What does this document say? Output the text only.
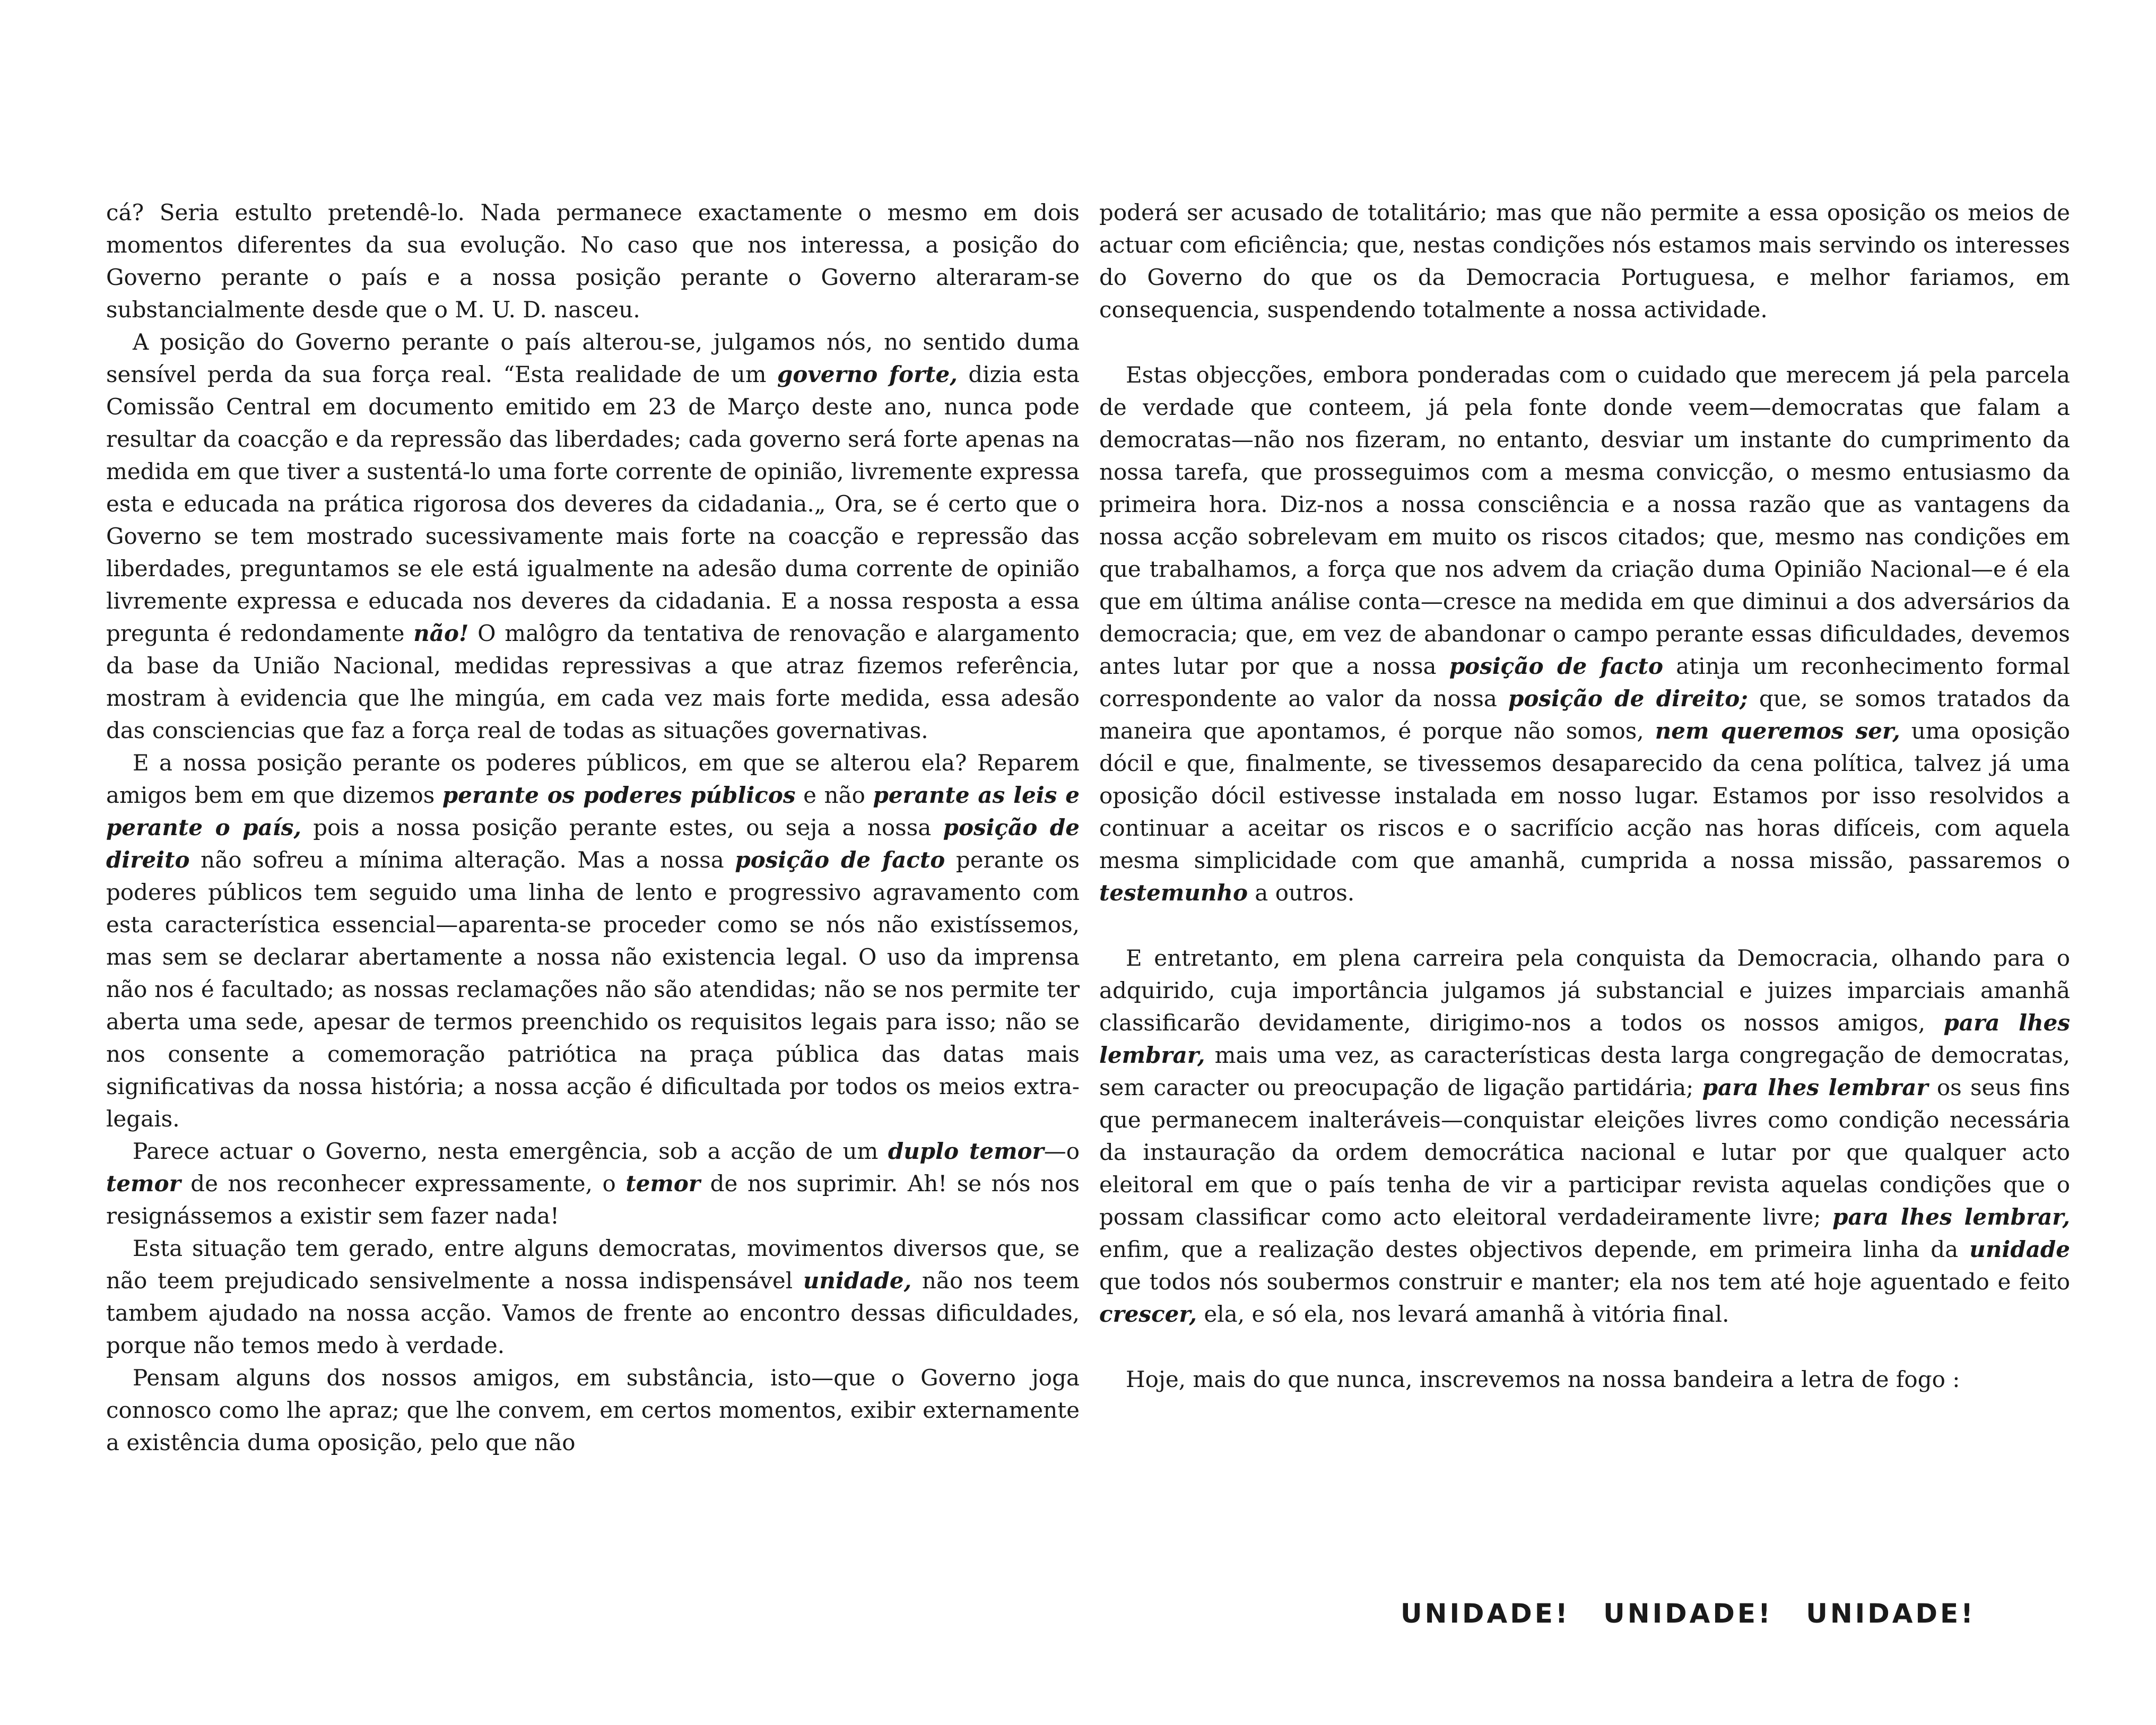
cá? Seria estulto pretendê-lo. Nada permanece exactamente o mesmo em dois momentos diferentes da sua evolução. No caso que nos interessa, a posição do Governo perante o país e a nossa posição perante o Governo alteraram-se substancialmente desde que o M. U. D. nasceu.

A posição do Governo perante o país alterou-se, julgamos nós, no sentido duma sensível perda da sua força real. “Esta realidade de um governo forte, dizia esta Comissão Central em documento emitido em 23 de Março deste ano, nunca pode resultar da coacção e da repressão das liberdades; cada governo será forte apenas na medida em que tiver a sustentá-lo uma forte corrente de opinião, livremente expressa esta e educada na prática rigorosa dos deveres da cidadania.„ Ora, se é certo que o Governo se tem mostrado sucessivamente mais forte na coacção e repressão das liberdades, preguntamos se ele está igualmente na adesão duma corrente de opinião livremente expressa e educada nos deveres da cidadania. E a nossa resposta a essa pregunta é redondamente não! O malôgro da tentativa de renovação e alargamento da base da União Nacional, medidas repressivas a que atraz fizemos referência, mostram à evidencia que lhe mingúa, em cada vez mais forte medida, essa adesão das consciencias que faz a força real de todas as situações governativas.

E a nossa posição perante os poderes públicos, em que se alterou ela? Reparem amigos bem em que dizemos perante os poderes públicos e não perante as leis e perante o país, pois a nossa posição perante estes, ou seja a nossa posição de direito não sofreu a mínima alteração. Mas a nossa posição de facto perante os poderes públicos tem seguido uma linha de lento e progressivo agravamento com esta característica essencial—aparenta-se proceder como se nós não existíssemos, mas sem se declarar abertamente a nossa não existencia legal. O uso da imprensa não nos é facultado; as nossas reclamações não são atendidas; não se nos permite ter aberta uma sede, apesar de termos preenchido os requisitos legais para isso; não se nos consente a comemoração patriótica na praça pública das datas mais significativas da nossa história; a nossa acção é dificultada por todos os meios extra-legais.

Parece actuar o Governo, nesta emergência, sob a acção de um duplo temor—o temor de nos reconhecer expressamente, o temor de nos suprimir. Ah! se nós nos resignássemos a existir sem fazer nada!

Esta situação tem gerado, entre alguns democratas, movimentos diversos que, se não teem prejudicado sensivelmente a nossa indispensável unidade, não nos teem tambem ajudado na nossa acção. Vamos de frente ao encontro dessas dificuldades, porque não temos medo à verdade.

Pensam alguns dos nossos amigos, em substância, isto—que o Governo joga connosco como lhe apraz; que lhe convem, em certos momentos, exibir externamente a existência duma oposição, pelo que não

poderá ser acusado de totalitário; mas que não permite a essa oposição os meios de actuar com eficiência; que, nestas condições nós estamos mais servindo os interesses do Governo do que os da Democracia Portuguesa, e melhor fariamos, em consequencia, suspendendo totalmente a nossa actividade.

Estas objecções, embora ponderadas com o cuidado que merecem já pela parcela de verdade que conteem, já pela fonte donde veem—democratas que falam a democratas—não nos fizeram, no entanto, desviar um instante do cumprimento da nossa tarefa, que prosseguimos com a mesma convicção, o mesmo entusiasmo da primeira hora. Diz-nos a nossa consciência e a nossa razão que as vantagens da nossa acção sobrelevam em muito os riscos citados; que, mesmo nas condições em que trabalhamos, a força que nos advem da criação duma Opinião Nacional—e é ela que em última análise conta—cresce na medida em que diminui a dos adversários da democracia; que, em vez de abandonar o campo perante essas dificuldades, devemos antes lutar por que a nossa posição de facto atinja um reconhecimento formal correspondente ao valor da nossa posição de direito; que, se somos tratados da maneira que apontamos, é porque não somos, nem queremos ser, uma oposição dócil e que, finalmente, se tivessemos desaparecido da cena política, talvez já uma oposição dócil estivesse instalada em nosso lugar. Estamos por isso resolvidos a continuar a aceitar os riscos e o sacrifício acção nas horas difíceis, com aquela mesma simplicidade com que amanhã, cumprida a nossa missão, passaremos o testemunho a outros.

E entretanto, em plena carreira pela conquista da Democracia, olhando para o adquirido, cuja importância julgamos já substancial e juizes imparciais amanhã classificarão devidamente, dirigimo-nos a todos os nossos amigos, para lhes lembrar, mais uma vez, as características desta larga congregação de democratas, sem caracter ou preocupação de ligação partidária; para lhes lembrar os seus fins que permanecem inalteráveis—conquistar eleições livres como condição necessária da instauração da ordem democrática nacional e lutar por que qualquer acto eleitoral em que o país tenha de vir a participar revista aquelas condições que o possam classificar como acto eleitoral verdadeiramente livre; para lhes lembrar, enfim, que a realização destes objectivos depende, em primeira linha da unidade que todos nós soubermos construir e manter; ela nos tem até hoje aguentado e feito crescer, ela, e só ela, nos levará amanhã à vitória final.

Hoje, mais do que nunca, inscrevemos na nossa bandeira a letra de fogo :

UNIDADE! UNIDADE! UNIDADE!
